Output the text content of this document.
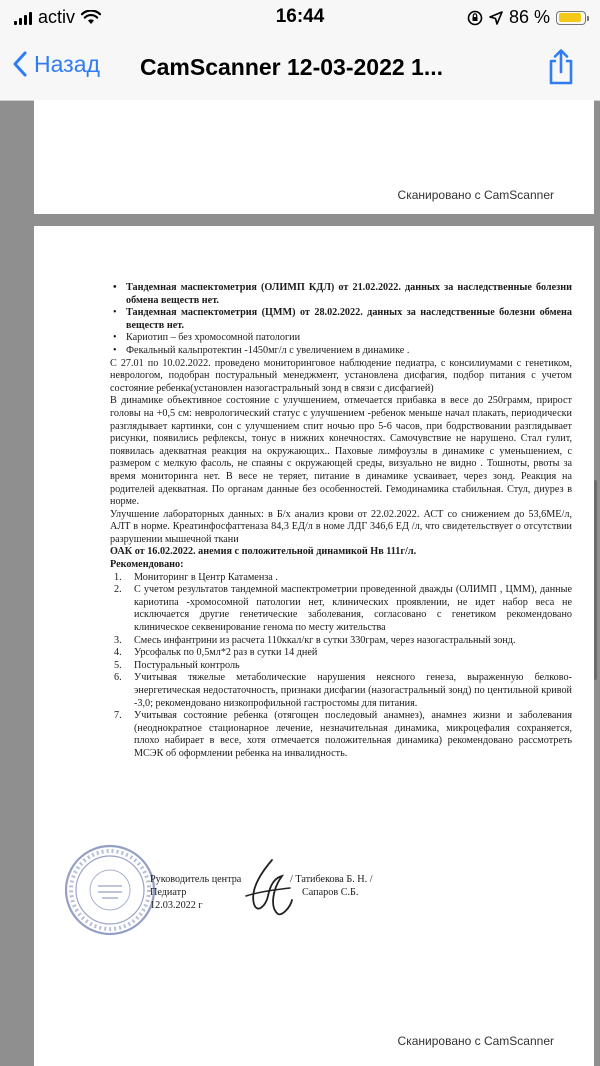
activ	16:44	86 %
Назад CamScanner 12-03-2022 1...
Сканировано с CamScanner

• Тандемная маспектометрия (ОЛИМП КДЛ) от 21.02.2022. данных за наследственные болезни обмена веществ нет.

• Тандемная маспектометрия (ЦММ) от 28.02.2022. данных за наследственные болезни обмена веществ нет.

• Кариотип – без хромосомной патологии

• Фекальный кальпротектин -1450мг/л с увеличением в динамике .

С 27.01 по 10.02.2022. проведено мониторинговое наблюдение педиатра, с консилиумами с генетиком, неврологом, подобран постуральный менеджмент, установлена дисфагия, подбор питания с учетом состояние ребенка(установлен назогастральный зонд в связи с дисфагией)

В динамике объективное состояние с улучшением, отмечается прибавка в весе до 250грамм, прирост головы на +0,5 см: неврологический статус с улучшением -ребенок меньше начал плакать, периодически разглядывает картинки, сон с улучшением спит ночью про 5-6 часов, при бодрствовании разглядывает рисунки, появились рефлексы, тонус в нижних конечностях. Самочувствие не нарушено. Стал гулит, появилась адекватная реакция на окружающих.. Паховые лимфоузлы в динамике с уменьшением, с размером с мелкую фасоль, не спаяны с окружающей среды, визуально не видно . Тошноты, рвоты за время мониторинга нет. В весе не теряет, питание в динамике усваивает, через зонд. Реакция на родителей адекватная. По органам данные без особенностей. Гемодинамика стабильная. Стул, диурез в норме.

Улучшение лабораторных данных: в Б/х анализ крови от 22.02.2022. АСТ со снижением до 53,6МЕ/л, АЛТ в норме. Креатинфосфаттеназа 84,3 ЕД/л в номе ЛДГ 346,6 ЕД /л, что свидетельствует о отсутствии разрушении мышечной ткани

ОАК от 16.02.2022. анемия с положительной динамикой Нв 111г/л.

Рекомендовано:

1.	Мониторинг в Центр Катаменза .
2.	С учетом результатов тандемной маспектрометрии проведенной дважды (ОЛИМП , ЦММ), данные кариотипа -хромосомной патологии нет, клинических проявлении, не идет набор веса не исключается другие генетические заболевания, согласовано с генетиком рекомендовано клиническое секвенирование генома по месту жительства
3.	Смесь инфантрини из расчета 110ккал/кг в сутки 330грам, через назогастральный зонд.
4.	Урсофальк по 0,5мл*2 раз в сутки 14 дней
5.	Постуральный контроль
6.	Учитывая тяжелые метаболические нарушения неясного генеза, выраженную белково-энергетическая недостаточность, признаки дисфагии (назогастральный зонд) по центильной кривой -3,0; рекомендовано низкопрофильной гастростомы для питания.
7.	Учитывая состояние ребенка (отягощен последовый анамнез), анамнез жизни и заболевания (неоднократное стационарное лечение, незначительная динамика, микроцефалия сохраняется, плохо набирает в весе, хотя отмечается положительная динамика) рекомендовано рассмотреть МСЭК об оформлении ребенка на инвалидность.
Руководитель центра
Педиатр
12.03.2022 г
/ Татибекова Б. Н. /
Сапаров С.Б.
Сканировано с CamScanner
